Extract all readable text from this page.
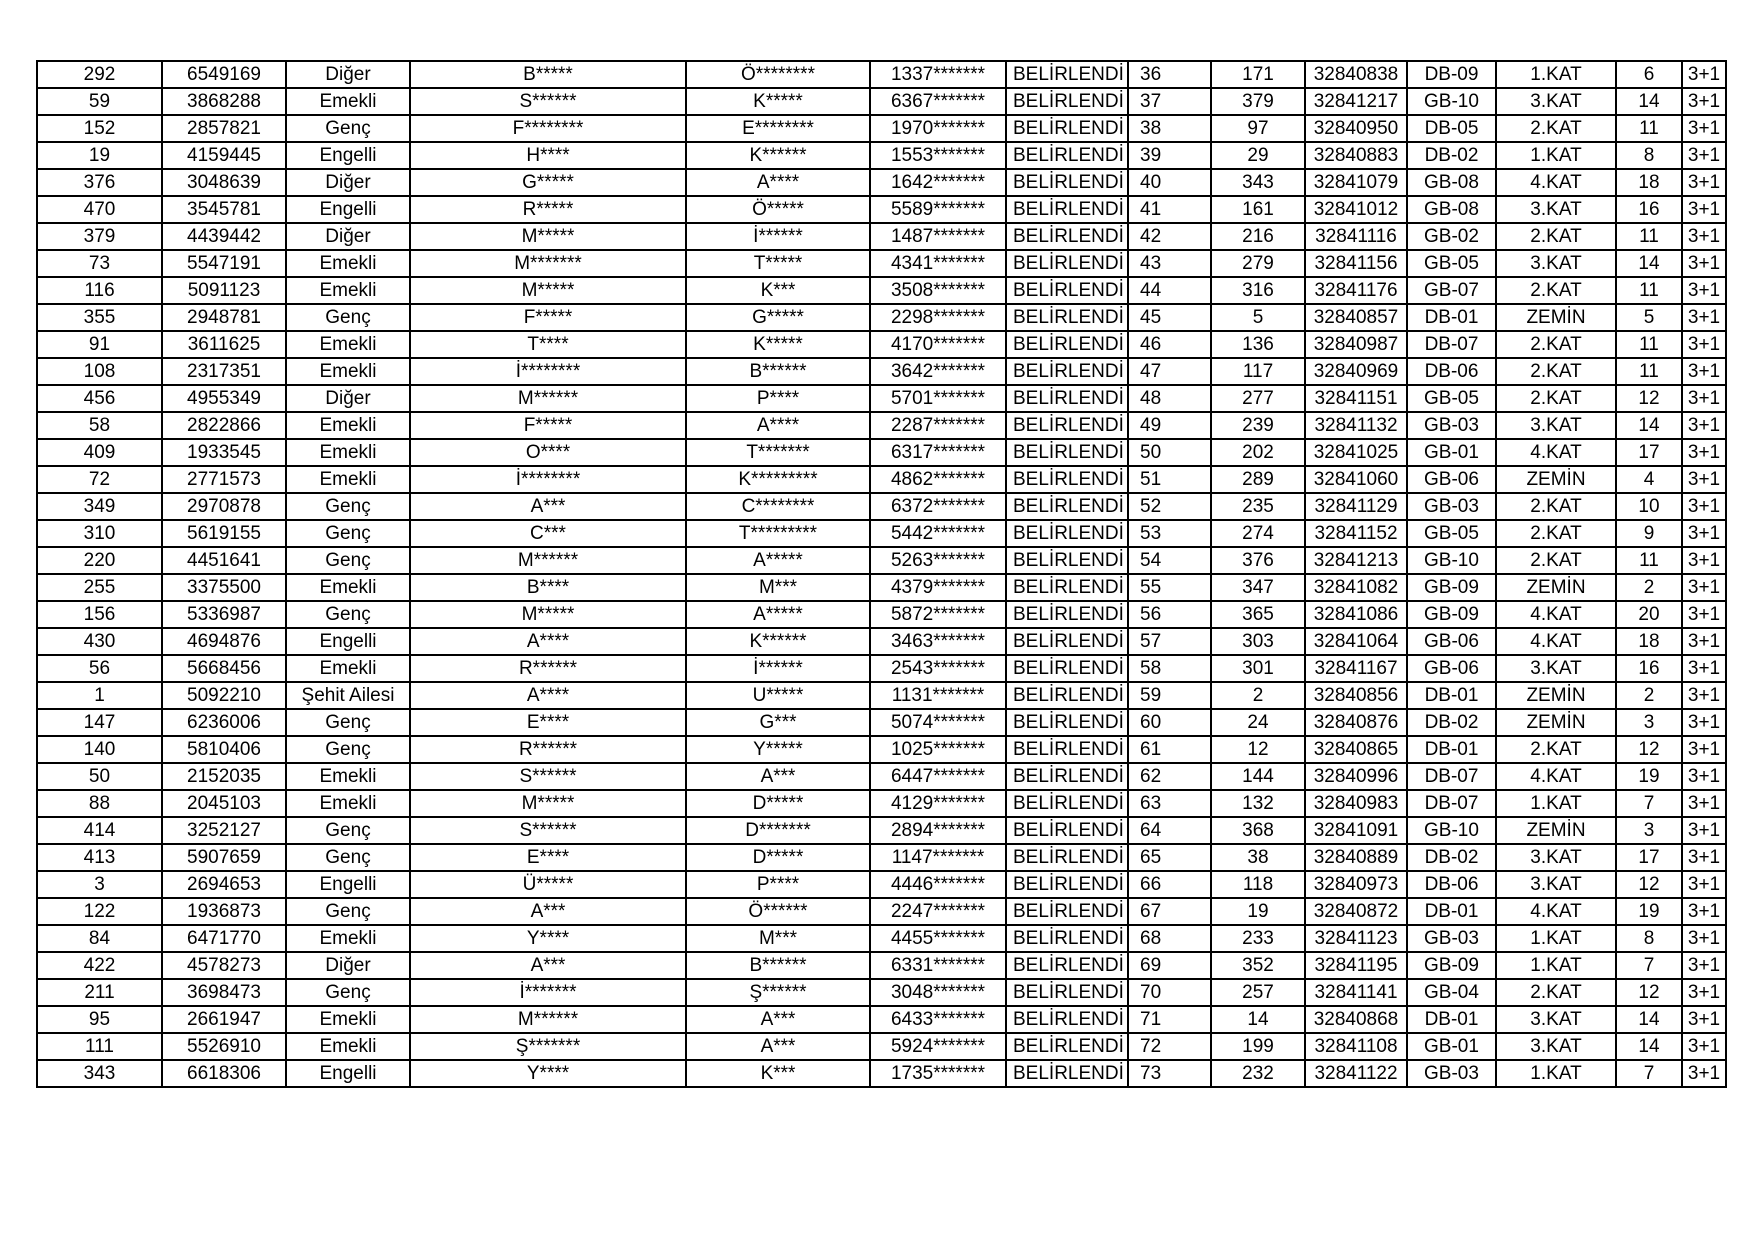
292	6549169	Diğer	B*****	Ö********	1337*******	BELİRLENDİ	36	171	32840838	DB-09	1.KAT	6	3+1
59	3868288	Emekli	S******	K*****	6367*******	BELİRLENDİ	37	379	32841217	GB-10	3.KAT	14	3+1
152	2857821	Genç	F********	E********	1970*******	BELİRLENDİ	38	97	32840950	DB-05	2.KAT	11	3+1
19	4159445	Engelli	H****	K******	1553*******	BELİRLENDİ	39	29	32840883	DB-02	1.KAT	8	3+1
376	3048639	Diğer	G*****	A****	1642*******	BELİRLENDİ	40	343	32841079	GB-08	4.KAT	18	3+1
470	3545781	Engelli	R*****	Ö*****	5589*******	BELİRLENDİ	41	161	32841012	GB-08	3.KAT	16	3+1
379	4439442	Diğer	M*****	İ******	1487*******	BELİRLENDİ	42	216	32841116	GB-02	2.KAT	11	3+1
73	5547191	Emekli	M*******	T*****	4341*******	BELİRLENDİ	43	279	32841156	GB-05	3.KAT	14	3+1
116	5091123	Emekli	M*****	K***	3508*******	BELİRLENDİ	44	316	32841176	GB-07	2.KAT	11	3+1
355	2948781	Genç	F*****	G*****	2298*******	BELİRLENDİ	45	5	32840857	DB-01	ZEMİN	5	3+1
91	3611625	Emekli	T****	K*****	4170*******	BELİRLENDİ	46	136	32840987	DB-07	2.KAT	11	3+1
108	2317351	Emekli	İ********	B******	3642*******	BELİRLENDİ	47	117	32840969	DB-06	2.KAT	11	3+1
456	4955349	Diğer	M******	P****	5701*******	BELİRLENDİ	48	277	32841151	GB-05	2.KAT	12	3+1
58	2822866	Emekli	F*****	A****	2287*******	BELİRLENDİ	49	239	32841132	GB-03	3.KAT	14	3+1
409	1933545	Emekli	O****	T*******	6317*******	BELİRLENDİ	50	202	32841025	GB-01	4.KAT	17	3+1
72	2771573	Emekli	İ********	K*********	4862*******	BELİRLENDİ	51	289	32841060	GB-06	ZEMİN	4	3+1
349	2970878	Genç	A***	C********	6372*******	BELİRLENDİ	52	235	32841129	GB-03	2.KAT	10	3+1
310	5619155	Genç	C***	T*********	5442*******	BELİRLENDİ	53	274	32841152	GB-05	2.KAT	9	3+1
220	4451641	Genç	M******	A*****	5263*******	BELİRLENDİ	54	376	32841213	GB-10	2.KAT	11	3+1
255	3375500	Emekli	B****	M***	4379*******	BELİRLENDİ	55	347	32841082	GB-09	ZEMİN	2	3+1
156	5336987	Genç	M*****	A*****	5872*******	BELİRLENDİ	56	365	32841086	GB-09	4.KAT	20	3+1
430	4694876	Engelli	A****	K******	3463*******	BELİRLENDİ	57	303	32841064	GB-06	4.KAT	18	3+1
56	5668456	Emekli	R******	İ******	2543*******	BELİRLENDİ	58	301	32841167	GB-06	3.KAT	16	3+1
1	5092210	Şehit Ailesi	A****	U*****	1131*******	BELİRLENDİ	59	2	32840856	DB-01	ZEMİN	2	3+1
147	6236006	Genç	E****	G***	5074*******	BELİRLENDİ	60	24	32840876	DB-02	ZEMİN	3	3+1
140	5810406	Genç	R******	Y*****	1025*******	BELİRLENDİ	61	12	32840865	DB-01	2.KAT	12	3+1
50	2152035	Emekli	S******	A***	6447*******	BELİRLENDİ	62	144	32840996	DB-07	4.KAT	19	3+1
88	2045103	Emekli	M*****	D*****	4129*******	BELİRLENDİ	63	132	32840983	DB-07	1.KAT	7	3+1
414	3252127	Genç	S******	D*******	2894*******	BELİRLENDİ	64	368	32841091	GB-10	ZEMİN	3	3+1
413	5907659	Genç	E****	D*****	1147*******	BELİRLENDİ	65	38	32840889	DB-02	3.KAT	17	3+1
3	2694653	Engelli	Ü*****	P****	4446*******	BELİRLENDİ	66	118	32840973	DB-06	3.KAT	12	3+1
122	1936873	Genç	A***	Ö******	2247*******	BELİRLENDİ	67	19	32840872	DB-01	4.KAT	19	3+1
84	6471770	Emekli	Y****	M***	4455*******	BELİRLENDİ	68	233	32841123	GB-03	1.KAT	8	3+1
422	4578273	Diğer	A***	B******	6331*******	BELİRLENDİ	69	352	32841195	GB-09	1.KAT	7	3+1
211	3698473	Genç	İ*******	Ş******	3048*******	BELİRLENDİ	70	257	32841141	GB-04	2.KAT	12	3+1
95	2661947	Emekli	M******	A***	6433*******	BELİRLENDİ	71	14	32840868	DB-01	3.KAT	14	3+1
111	5526910	Emekli	Ş*******	A***	5924*******	BELİRLENDİ	72	199	32841108	GB-01	3.KAT	14	3+1
343	6618306	Engelli	Y****	K***	1735*******	BELİRLENDİ	73	232	32841122	GB-03	1.KAT	7	3+1
